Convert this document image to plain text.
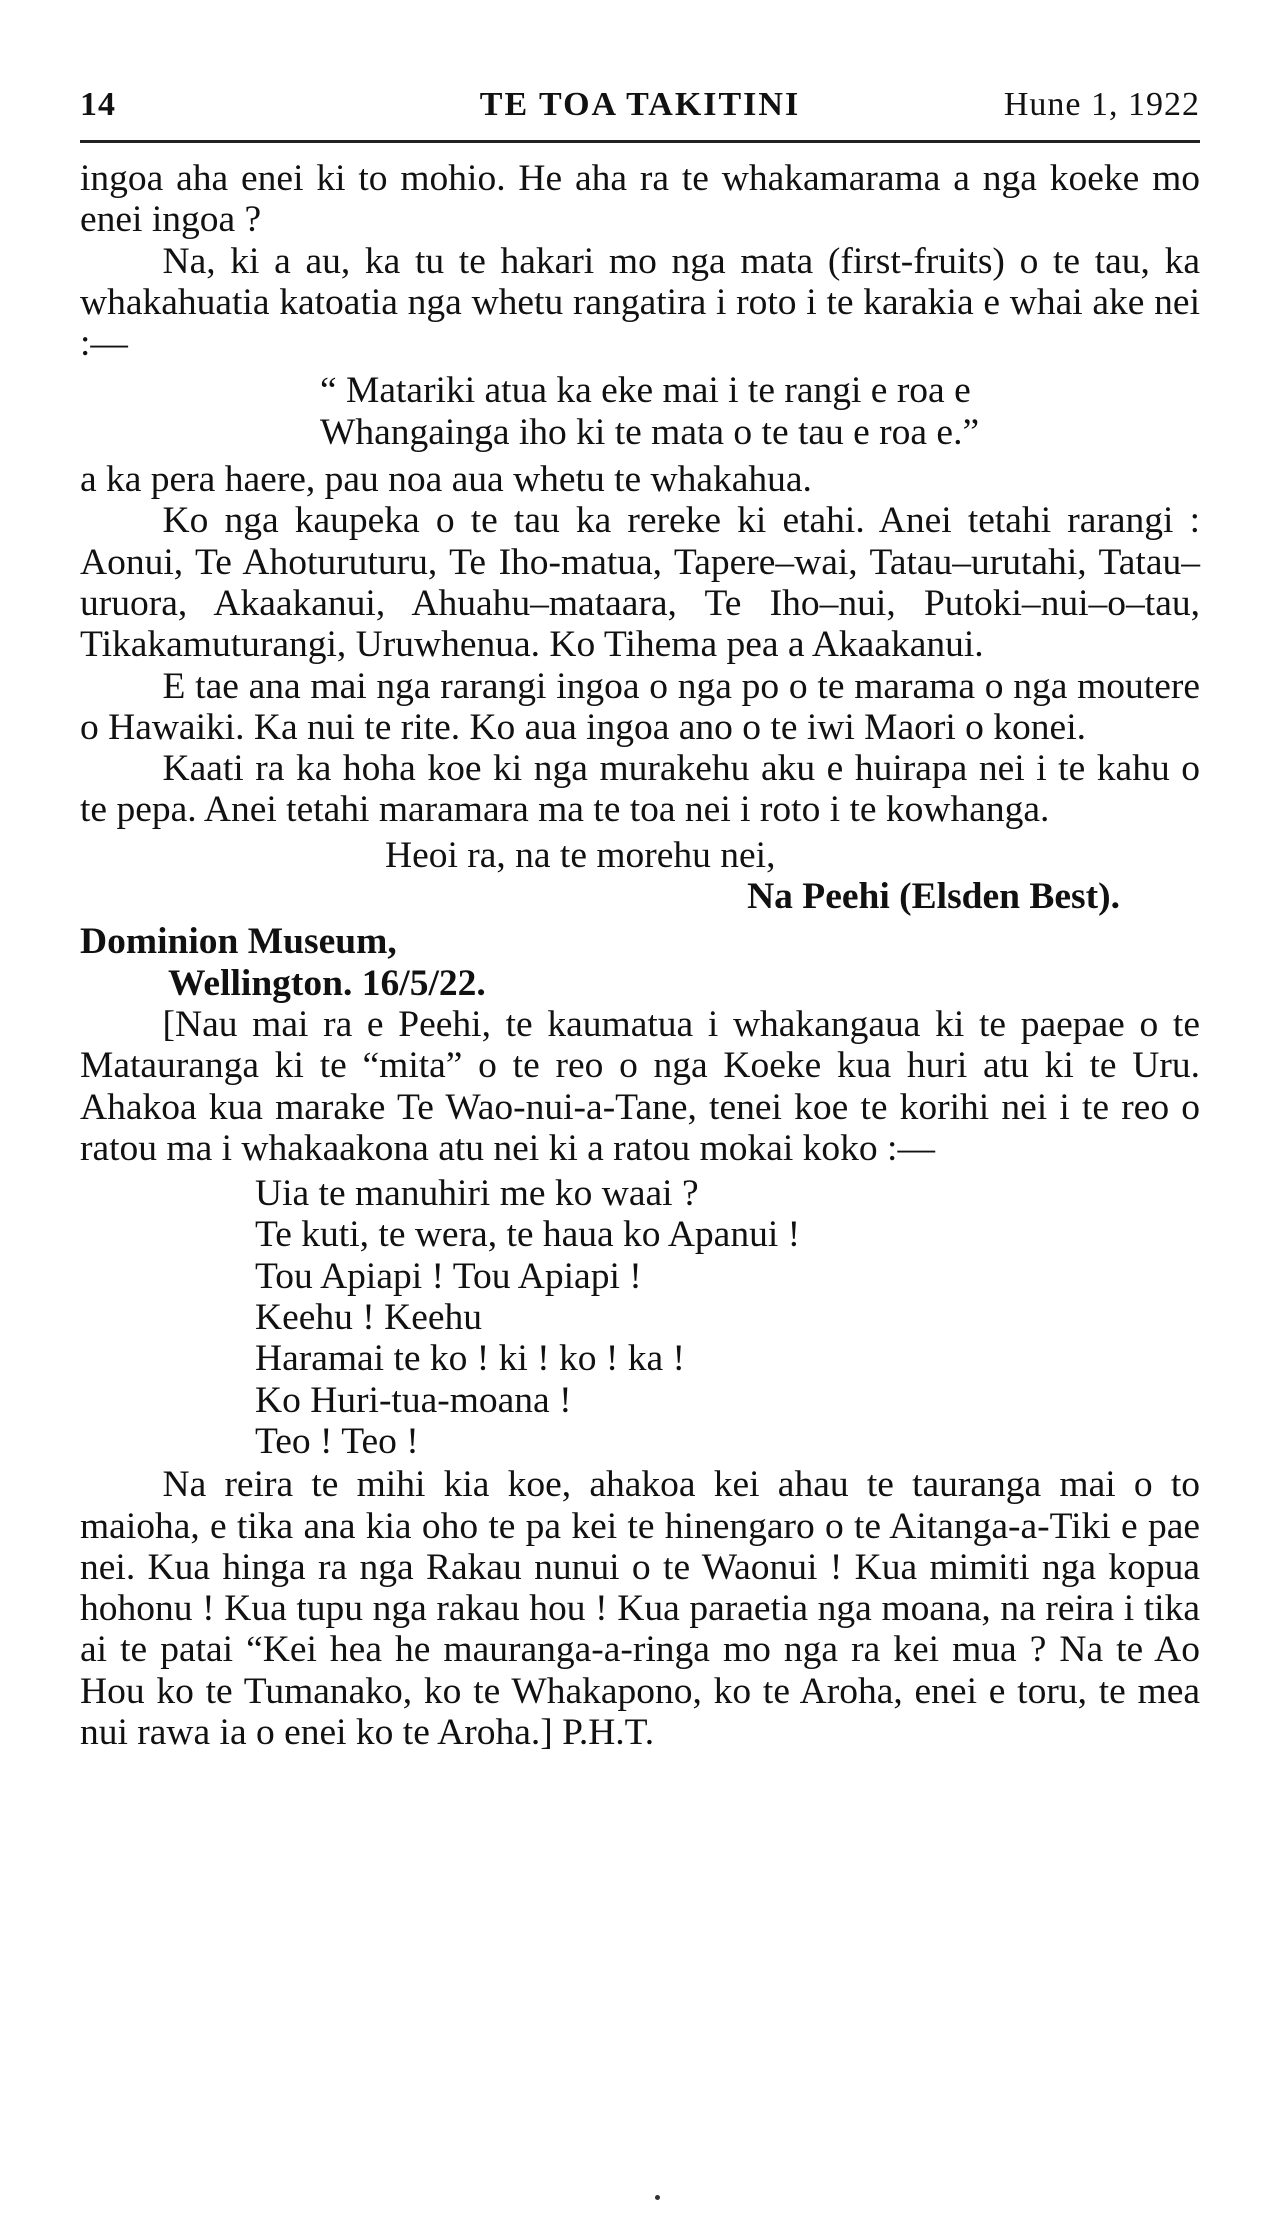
TE TOA TAKITINI
14	Hune 1, 1922

ingoa aha enei ki to mohio. He aha ra te whakamarama a nga koeke mo enei ingoa ?

Na, ki a au, ka tu te hakari mo nga mata (first-fruits) o te tau, ka whakahuatia katoatia nga whetu rangatira i roto i te karakia e whai ake nei :—

“ Matariki atua ka eke mai i te rangi e roa e
Whangainga iho ki te mata o te tau e roa e.”

a ka pera haere, pau noa aua whetu te whakahua.

Ko nga kaupeka o te tau ka rereke ki etahi. Anei tetahi rarangi : Aonui, Te Ahoturuturu, Te Iho-matua, Tapere–wai, Tatau–urutahi, Tatau–uruora, Akaakanui, Ahuahu–mataara, Te Iho–nui, Putoki–nui–o–tau, Tikakamuturangi, Uruwhenua. Ko Tihema pea a Akaakanui.

E tae ana mai nga rarangi ingoa o nga po o te marama o nga moutere o Hawaiki. Ka nui te rite. Ko aua ingoa ano o te iwi Maori o konei.

Kaati ra ka hoha koe ki nga murakehu aku e huirapa nei i te kahu o te pepa. Anei tetahi maramara ma te toa nei i roto i te kowhanga.

Heoi ra, na te morehu nei,
Na Peehi (Elsden Best).
Dominion Museum,
Wellington. 16/5/22.

[Nau mai ra e Peehi, te kaumatua i whakangaua ki te paepae o te Matauranga ki te “mita” o te reo o nga Koeke kua huri atu ki te Uru. Ahakoa kua marake Te Wao-nui-a-Tane, tenei koe te korihi nei i te reo o ratou ma i whakaakona atu nei ki a ratou mokai koko :—

Uia te manuhiri me ko waai ?
Te kuti, te wera, te haua ko Apanui !
Tou Apiapi ! Tou Apiapi !
Keehu ! Keehu
Haramai te ko ! ki ! ko ! ka !
Ko Huri-tua-moana !
Teo ! Teo !

Na reira te mihi kia koe, ahakoa kei ahau te tauranga mai o to maioha, e tika ana kia oho te pa kei te hinengaro o te Aitanga-a-Tiki e pae nei. Kua hinga ra nga Rakau nunui o te Waonui ! Kua mimiti nga kopua hohonu ! Kua tupu nga rakau hou ! Kua paraetia nga moana, na reira i tika ai te patai “Kei hea he mauranga-a-ringa mo nga ra kei mua ? Na te Ao Hou ko te Tumanako, ko te Whakapono, ko te Aroha, enei e toru, te mea nui rawa ia o enei ko te Aroha.] P.H.T.
